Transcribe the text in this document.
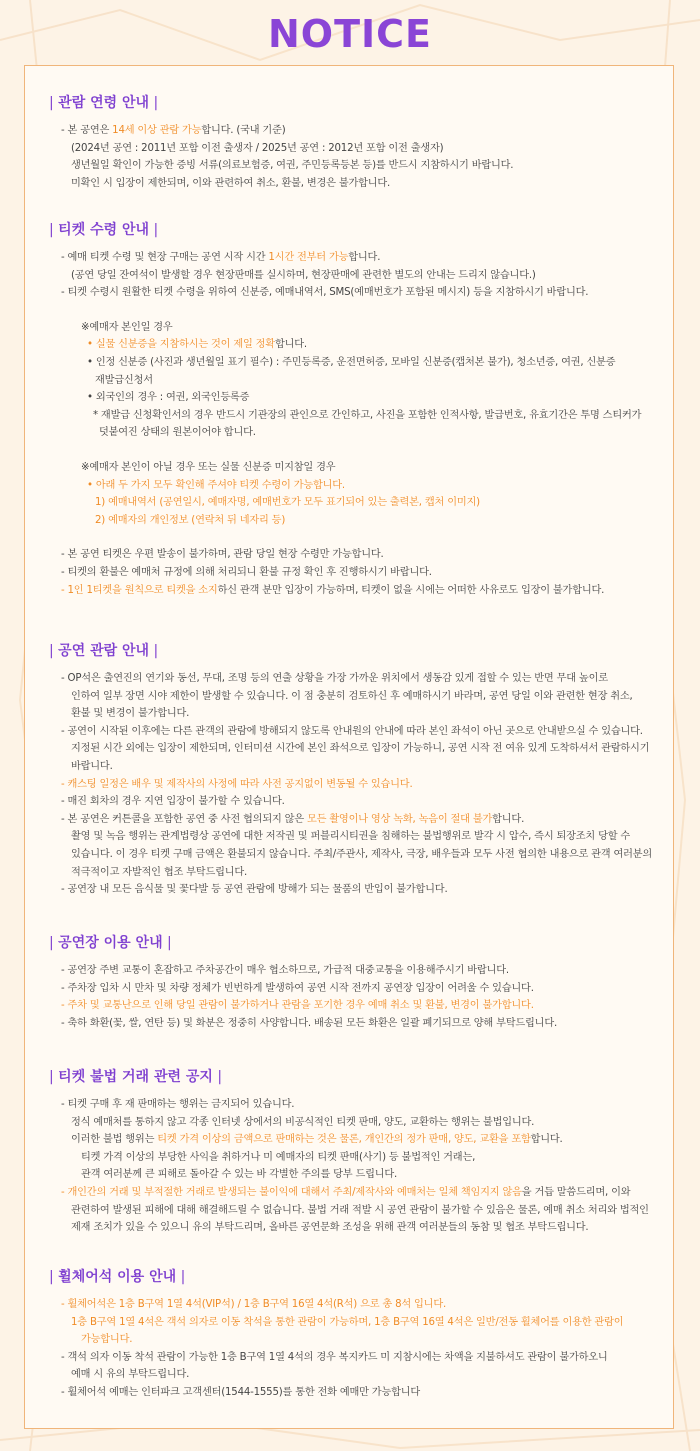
NOTICE
| 관람 연령 안내 |
- 본 공연은 14세 이상 관람 가능합니다. (국내 기준)
(2024년 공연 : 2011년 포함 이전 출생자 / 2025년 공연 : 2012년 포함 이전 출생자)
생년월일 확인이 가능한 증빙 서류(의료보험증, 여권, 주민등록등본 등)를 반드시 지참하시기 바랍니다.
미확인 시 입장이 제한되며, 이와 관련하여 취소, 환불, 변경은 불가합니다.
| 티켓 수령 안내 |
- 예매 티켓 수령 및 현장 구매는 공연 시작 시간 1시간 전부터 가능합니다.
(공연 당일 잔여석이 발생할 경우 현장판매를 실시하며, 현장판매에 관련한 별도의 안내는 드리지 않습니다.)
- 티켓 수령시 원활한 티켓 수령을 위하여 신분증, 예매내역서, SMS(예매번호가 포함된 메시지) 등을 지참하시기 바랍니다.
※예매자 본인일 경우
• 실물 신분증을 지참하시는 것이 제일 정확합니다.
• 인정 신분증 (사진과 생년월일 표기 필수) : 주민등록증, 운전면허증, 모바일 신분증(캡처본 불가), 청소년증, 여권, 신분증
재발급신청서
• 외국인의 경우 : 여권, 외국인등록증
* 재발급 신청확인서의 경우 반드시 기관장의 관인으로 간인하고, 사진을 포함한 인적사항, 발급번호, 유효기간은 투명 스티커가
덧붙여진 상태의 원본이어야 합니다.
※예매자 본인이 아닐 경우 또는 실물 신분증 미지참일 경우
• 아래 두 가지 모두 확인해 주셔야 티켓 수령이 가능합니다.
1) 예매내역서 (공연일시, 예매자명, 예매번호가 모두 표기되어 있는 출력본, 캡처 이미지)
2) 예매자의 개인정보 (연락처 뒤 네자리 등)
- 본 공연 티켓은 우편 발송이 불가하며, 관람 당일 현장 수령만 가능합니다.
- 티켓의 환불은 예매처 규정에 의해 처리되니 환불 규정 확인 후 진행하시기 바랍니다.
- 1인 1티켓을 원칙으로 티켓을 소지하신 관객 분만 입장이 가능하며, 티켓이 없을 시에는 어떠한 사유로도 입장이 불가합니다.
| 공연 관람 안내 |
- OP석은 출연진의 연기와 동선, 무대, 조명 등의 연출 상황을 가장 가까운 위치에서 생동감 있게 접할 수 있는 반면 무대 높이로
인하여 일부 장면 시야 제한이 발생할 수 있습니다. 이 점 충분히 검토하신 후 예매하시기 바라며, 공연 당일 이와 관련한 현장 취소,
환불 및 변경이 불가합니다.
- 공연이 시작된 이후에는 다른 관객의 관람에 방해되지 않도록 안내원의 안내에 따라 본인 좌석이 아닌 곳으로 안내받으실 수 있습니다.
지정된 시간 외에는 입장이 제한되며, 인터미션 시간에 본인 좌석으로 입장이 가능하니, 공연 시작 전 여유 있게 도착하셔서 관람하시기
바랍니다.
- 캐스팅 일정은 배우 및 제작사의 사정에 따라 사전 공지없이 변동될 수 있습니다.
- 매진 회차의 경우 지연 입장이 불가할 수 있습니다.
- 본 공연은 커튼콜을 포함한 공연 중 사전 협의되지 않은 모든 촬영이나 영상 녹화, 녹음이 절대 불가합니다.
촬영 및 녹음 행위는 관계법령상 공연에 대한 저작권 및 퍼블리시티권을 침해하는 불법행위로 발각 시 압수, 즉시 퇴장조치 당할 수
있습니다. 이 경우 티켓 구매 금액은 환불되지 않습니다. 주최/주관사, 제작사, 극장, 배우들과 모두 사전 협의한 내용으로 관객 여러분의
적극적이고 자발적인 협조 부탁드립니다.
- 공연장 내 모든 음식물 및 꽃다발 등 공연 관람에 방해가 되는 물품의 반입이 불가합니다.
| 공연장 이용 안내 |
- 공연장 주변 교통이 혼잡하고 주차공간이 매우 협소하므로, 가급적 대중교통을 이용해주시기 바랍니다.
- 주차장 입차 시 만차 및 차량 정체가 빈번하게 발생하여 공연 시작 전까지 공연장 입장이 어려울 수 있습니다.
- 주차 및 교통난으로 인해 당일 관람이 불가하거나 관람을 포기한 경우 예매 취소 및 환불, 변경이 불가합니다.
- 축하 화환(꽃, 쌀, 연탄 등) 및 화분은 정중히 사양합니다. 배송된 모든 화환은 일괄 폐기되므로 양해 부탁드립니다.
| 티켓 불법 거래 관련 공지 |
- 티켓 구매 후 재 판매하는 행위는 금지되어 있습니다.
정식 예매처를 통하지 않고 각종 인터넷 상에서의 비공식적인 티켓 판매, 양도, 교환하는 행위는 불법입니다.
이러한 불법 행위는 티켓 가격 이상의 금액으로 판매하는 것은 물론, 개인간의 정가 판매, 양도, 교환을 포함합니다.
티켓 가격 이상의 부당한 사익을 취하거나 미 예매자의 티켓 판매(사기) 등 불법적인 거래는,
관객 여러분께 큰 피해로 돌아갈 수 있는 바 각별한 주의를 당부 드립니다.
- 개인간의 거래 및 부적절한 거래로 발생되는 불이익에 대해서 주최/제작사와 예매처는 일체 책임지지 않음을 거듭 말씀드리며, 이와
관련하여 발생된 피해에 대해 해결해드릴 수 없습니다. 불법 거래 적발 시 공연 관람이 불가할 수 있음은 물론, 예매 취소 처리와 법적인
제재 조치가 있을 수 있으니 유의 부탁드리며, 올바른 공연문화 조성을 위해 관객 여러분들의 동참 및 협조 부탁드립니다.
| 휠체어석 이용 안내 |
- 휠체어석은 1층 B구역 1열 4석(VIP석) / 1층 B구역 16열 4석(R석) 으로 총 8석 입니다.
1층 B구역 1열 4석은 객석 의자로 이동 착석을 통한 관람이 가능하며, 1층 B구역 16열 4석은 일반/전동 휠체어를 이용한 관람이
가능합니다.
- 객석 의자 이동 착석 관람이 가능한 1층 B구역 1열 4석의 경우 복지카드 미 지참시에는 차액을 지불하셔도 관람이 불가하오니
예매 시 유의 부탁드립니다.
- 휠체어석 예매는 인터파크 고객센터(1544-1555)를 통한 전화 예매만 가능합니다
